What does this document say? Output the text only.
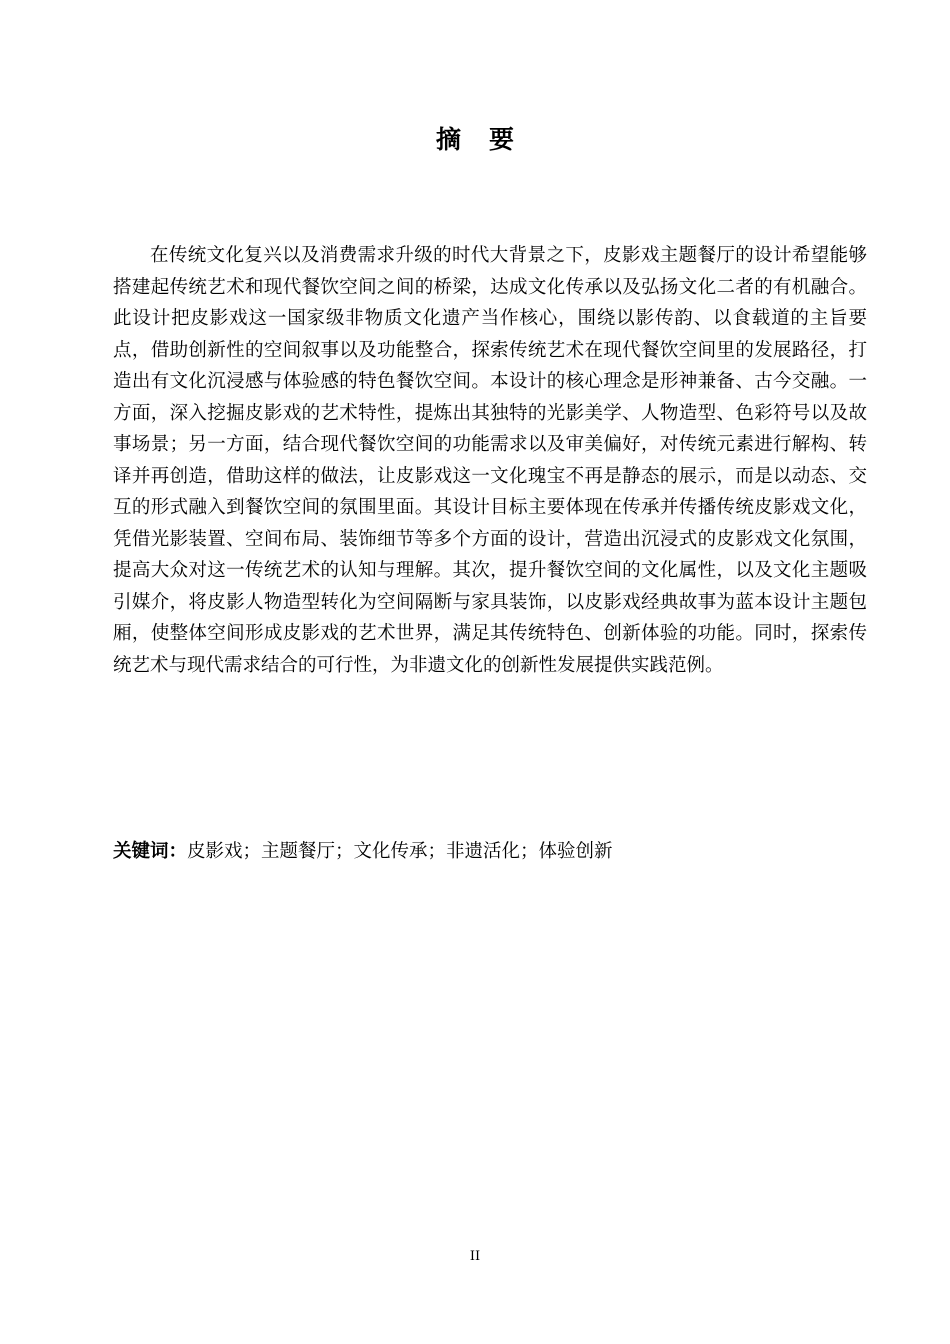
摘要

在传统文化复兴以及消费需求升级的时代大背景之下，皮影戏主题餐厅的设计希望能够搭建起传统艺术和现代餐饮空间之间的桥梁，达成文化传承以及弘扬文化二者的有机融合。此设计把皮影戏这一国家级非物质文化遗产当作核心，围绕以影传韵、以食载道的主旨要点，借助创新性的空间叙事以及功能整合，探索传统艺术在现代餐饮空间里的发展路径，打造出有文化沉浸感与体验感的特色餐饮空间。本设计的核心理念是形神兼备、古今交融。一方面，深入挖掘皮影戏的艺术特性，提炼出其独特的光影美学、人物造型、色彩符号以及故事场景；另一方面，结合现代餐饮空间的功能需求以及审美偏好，对传统元素进行解构、转译并再创造，借助这样的做法，让皮影戏这一文化瑰宝不再是静态的展示，而是以动态、交互的形式融入到餐饮空间的氛围里面。其设计目标主要体现在传承并传播传统皮影戏文化，凭借光影装置、空间布局、装饰细节等多个方面的设计，营造出沉浸式的皮影戏文化氛围，提高大众对这一传统艺术的认知与理解。其次，提升餐饮空间的文化属性，以及文化主题吸引媒介，将皮影人物造型转化为空间隔断与家具装饰，以皮影戏经典故事为蓝本设计主题包厢，使整体空间形成皮影戏的艺术世界，满足其传统特色、创新体验的功能。同时，探索传统艺术与现代需求结合的可行性，为非遗文化的创新性发展提供实践范例。

关键词：皮影戏；主题餐厅；文化传承；非遗活化；体验创新

II
